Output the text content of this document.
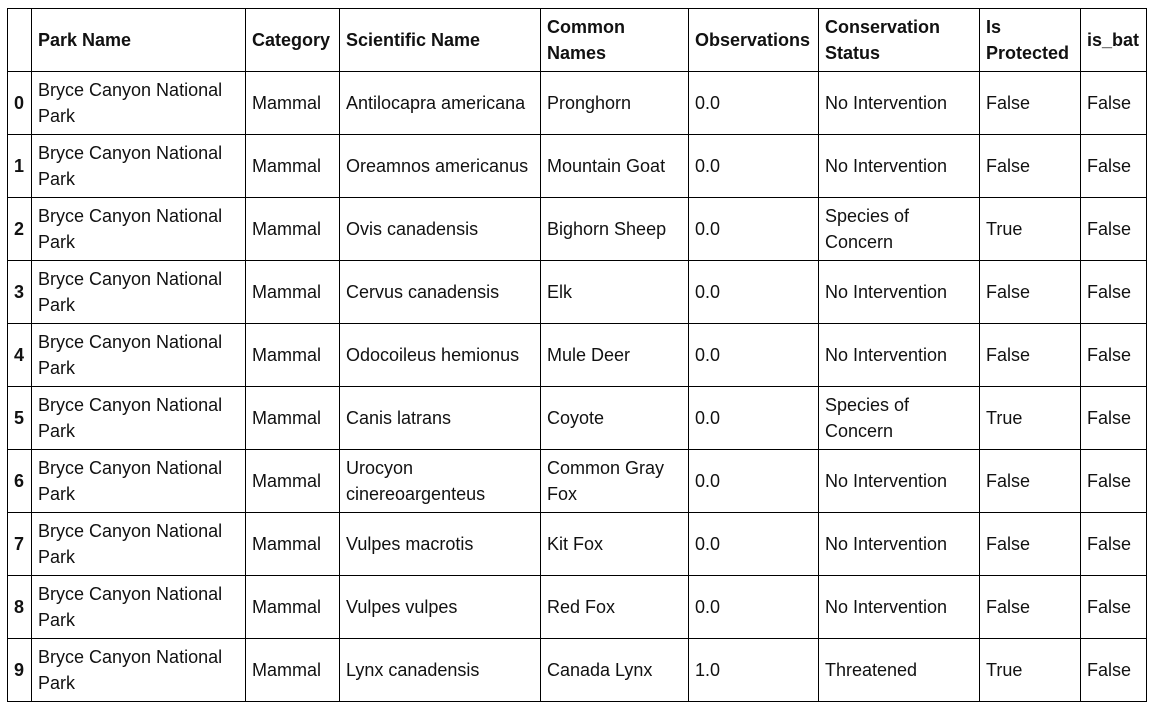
	Park Name	Category	Scientific Name	Common Names	Observations	Conservation Status	Is Protected	is_bat
0	Bryce Canyon National Park	Mammal	Antilocapra americana	Pronghorn	0.0	No Intervention	False	False
1	Bryce Canyon National Park	Mammal	Oreamnos americanus	Mountain Goat	0.0	No Intervention	False	False
2	Bryce Canyon National Park	Mammal	Ovis canadensis	Bighorn Sheep	0.0	Species of Concern	True	False
3	Bryce Canyon National Park	Mammal	Cervus canadensis	Elk	0.0	No Intervention	False	False
4	Bryce Canyon National Park	Mammal	Odocoileus hemionus	Mule Deer	0.0	No Intervention	False	False
5	Bryce Canyon National Park	Mammal	Canis latrans	Coyote	0.0	Species of Concern	True	False
6	Bryce Canyon National Park	Mammal	Urocyon cinereoargenteus	Common Gray Fox	0.0	No Intervention	False	False
7	Bryce Canyon National Park	Mammal	Vulpes macrotis	Kit Fox	0.0	No Intervention	False	False
8	Bryce Canyon National Park	Mammal	Vulpes vulpes	Red Fox	0.0	No Intervention	False	False
9	Bryce Canyon National Park	Mammal	Lynx canadensis	Canada Lynx	1.0	Threatened	True	False
